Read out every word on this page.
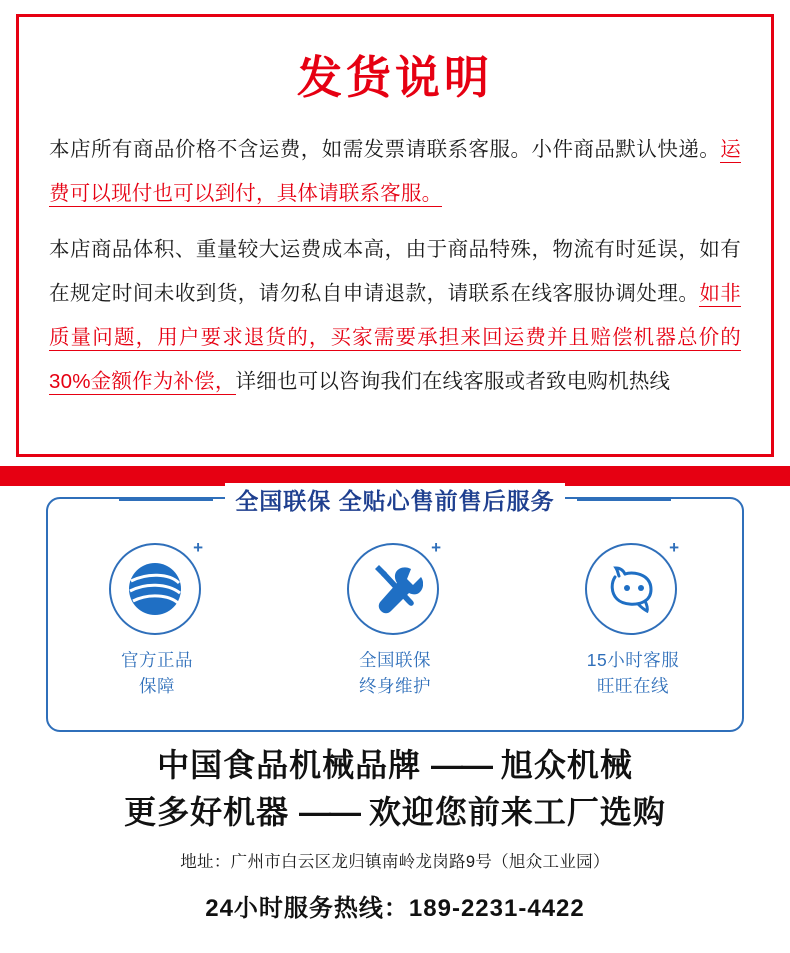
发货说明
本店所有商品价格不含运费，如需发票请联系客服。小件商品默认快递。运费可以现付也可以到付，具体请联系客服。
本店商品体积、重量较大运费成本高，由于商品特殊，物流有时延误，如有在规定时间未收到货，请勿私自申请退款，请联系在线客服协调处理。如非质量问题，用户要求退货的，买家需要承担来回运费并且赔偿机器总价的30%金额作为补偿，详细也可以咨询我们在线客服或者致电购机热线
全国联保 全贴心售前售后服务
+
官方正品
保障
+
全国联保
终身维护
+
15小时客服
旺旺在线
中国食品机械品牌 —— 旭众机械
更多好机器 —— 欢迎您前来工厂选购
地址：广州市白云区龙归镇南岭龙岗路9号（旭众工业园）
24小时服务热线：189-2231-4422
